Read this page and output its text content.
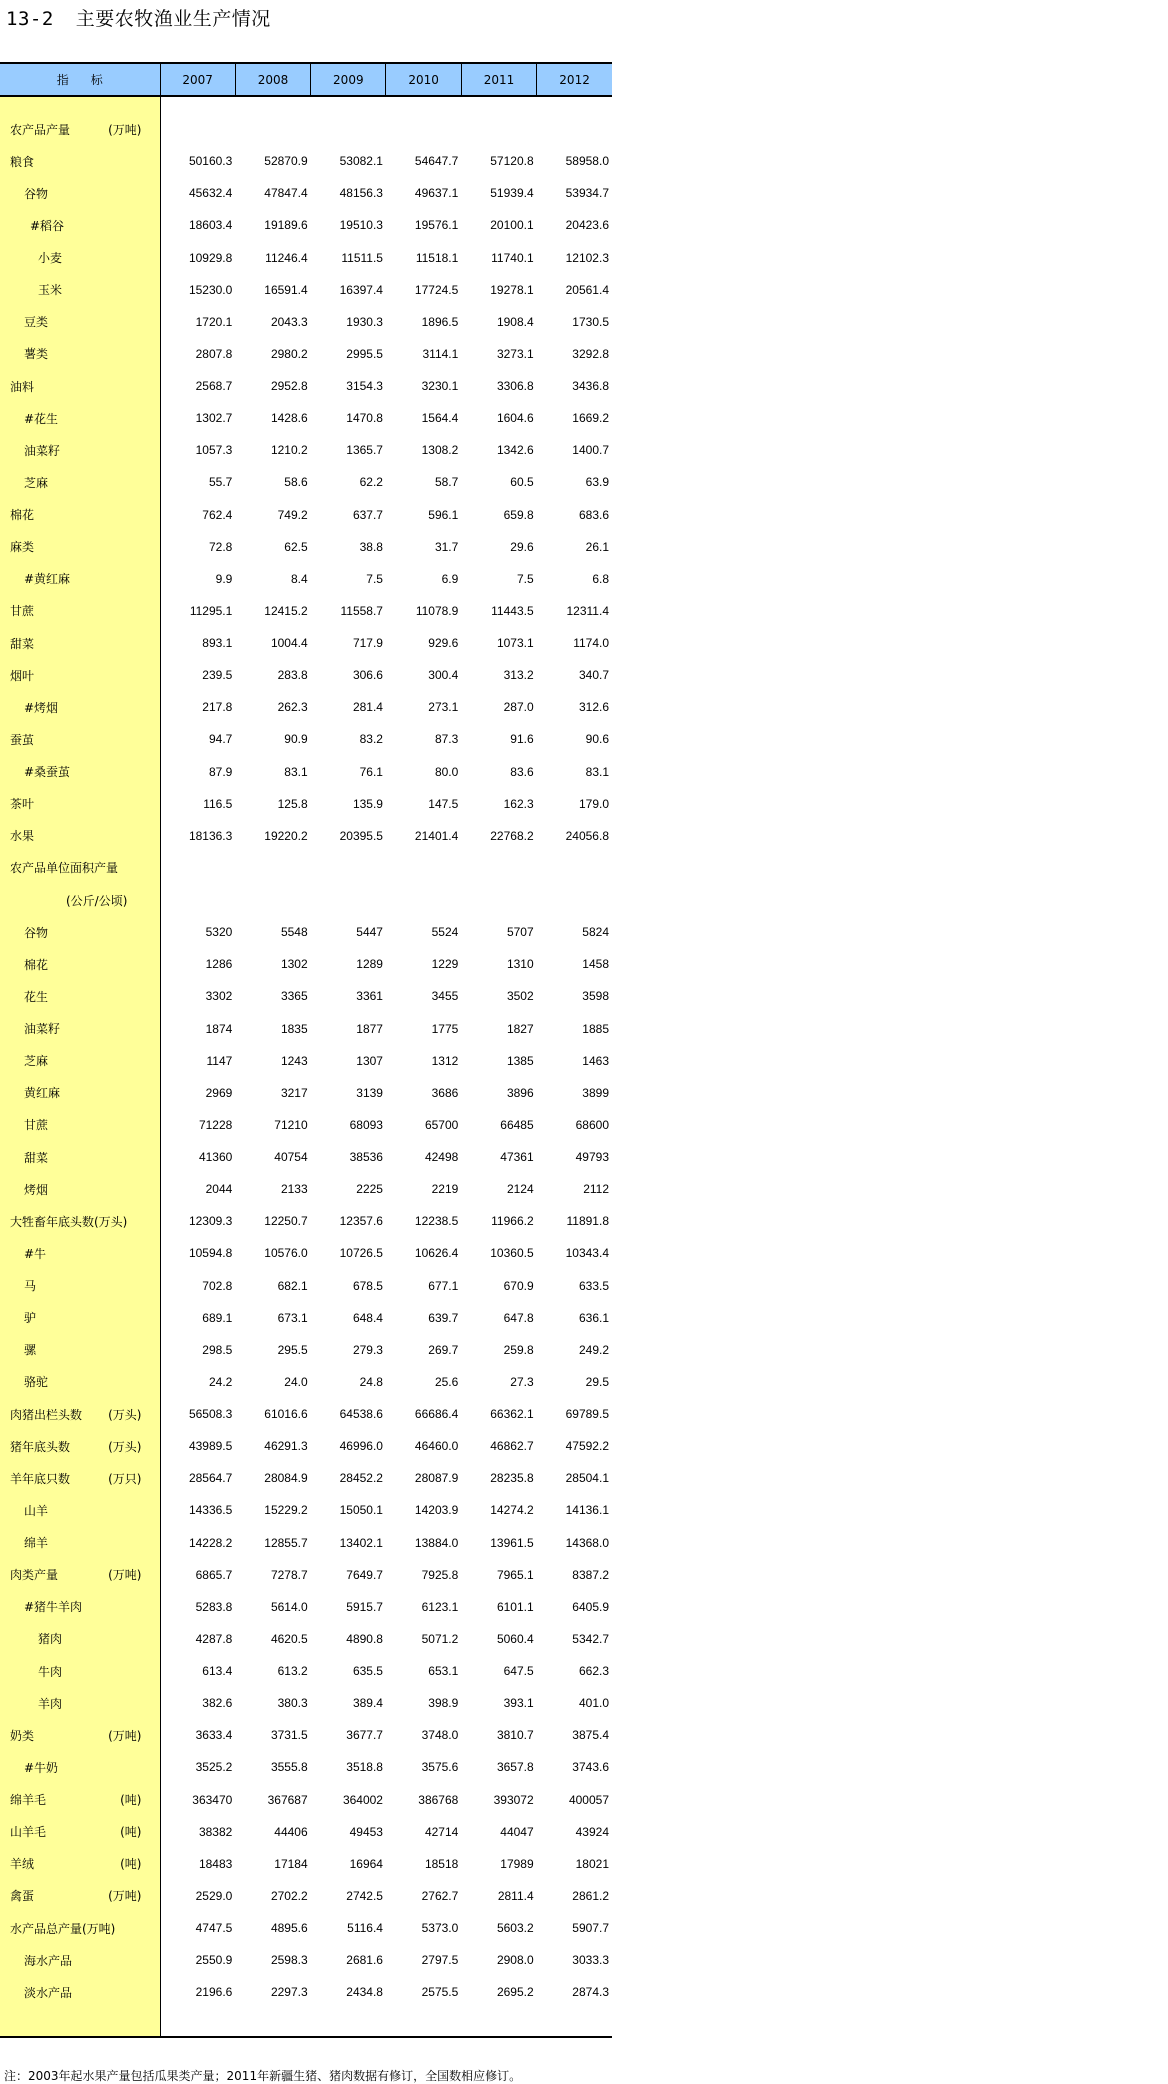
13-2 主要农牧渔业生产情况
指标	2007	2008	2009	2010	2011	2012

农产品产量 (万吨)						

粮食	50160.3	52870.9	53082.1	54647.7	57120.8	58958.0
谷物	45632.4	47847.4	48156.3	49637.1	51939.4	53934.7
#稻谷	18603.4	19189.6	19510.3	19576.1	20100.1	20423.6
小麦	10929.8	11246.4	11511.5	11518.1	11740.1	12102.3
玉米	15230.0	16591.4	16397.4	17724.5	19278.1	20561.4
豆类	1720.1	2043.3	1930.3	1896.5	1908.4	1730.5
薯类	2807.8	2980.2	2995.5	3114.1	3273.1	3292.8
油料	2568.7	2952.8	3154.3	3230.1	3306.8	3436.8
#花生	1302.7	1428.6	1470.8	1564.4	1604.6	1669.2
油菜籽	1057.3	1210.2	1365.7	1308.2	1342.6	1400.7
芝麻	55.7	58.6	62.2	58.7	60.5	63.9
棉花	762.4	749.2	637.7	596.1	659.8	683.6
麻类	72.8	62.5	38.8	31.7	29.6	26.1
#黄红麻	9.9	8.4	7.5	6.9	7.5	6.8
甘蔗	11295.1	12415.2	11558.7	11078.9	11443.5	12311.4
甜菜	893.1	1004.4	717.9	929.6	1073.1	1174.0
烟叶	239.5	283.8	306.6	300.4	313.2	340.7
#烤烟	217.8	262.3	281.4	273.1	287.0	312.6
蚕茧	94.7	90.9	83.2	87.3	91.6	90.6
#桑蚕茧	87.9	83.1	76.1	80.0	83.6	83.1
茶叶	116.5	125.8	135.9	147.5	162.3	179.0
水果	18136.3	19220.2	20395.5	21401.4	22768.2	24056.8
农产品单位面积产量						
(公斤/公顷)						
谷物	5320	5548	5447	5524	5707	5824
棉花	1286	1302	1289	1229	1310	1458
花生	3302	3365	3361	3455	3502	3598
油菜籽	1874	1835	1877	1775	1827	1885
芝麻	1147	1243	1307	1312	1385	1463
黄红麻	2969	3217	3139	3686	3896	3899
甘蔗	71228	71210	68093	65700	66485	68600
甜菜	41360	40754	38536	42498	47361	49793
烤烟	2044	2133	2225	2219	2124	2112
大牲畜年底头数(万头)	12309.3	12250.7	12357.6	12238.5	11966.2	11891.8
#牛	10594.8	10576.0	10726.5	10626.4	10360.5	10343.4
马	702.8	682.1	678.5	677.1	670.9	633.5
驴	689.1	673.1	648.4	639.7	647.8	636.1
骡	298.5	295.5	279.3	269.7	259.8	249.2
骆驼	24.2	24.0	24.8	25.6	27.3	29.5
肉猪出栏头数 (万头)	56508.3	61016.6	64538.6	66686.4	66362.1	69789.5
猪年底头数 (万头)	43989.5	46291.3	46996.0	46460.0	46862.7	47592.2
羊年底只数 (万只)	28564.7	28084.9	28452.2	28087.9	28235.8	28504.1
山羊	14336.5	15229.2	15050.1	14203.9	14274.2	14136.1
绵羊	14228.2	12855.7	13402.1	13884.0	13961.5	14368.0
肉类产量 (万吨)	6865.7	7278.7	7649.7	7925.8	7965.1	8387.2
#猪牛羊肉	5283.8	5614.0	5915.7	6123.1	6101.1	6405.9
猪肉	4287.8	4620.5	4890.8	5071.2	5060.4	5342.7
牛肉	613.4	613.2	635.5	653.1	647.5	662.3
羊肉	382.6	380.3	389.4	398.9	393.1	401.0
奶类 (万吨)	3633.4	3731.5	3677.7	3748.0	3810.7	3875.4
#牛奶	3525.2	3555.8	3518.8	3575.6	3657.8	3743.6
绵羊毛 (吨)	363470	367687	364002	386768	393072	400057
山羊毛 (吨)	38382	44406	49453	42714	44047	43924
羊绒 (吨)	18483	17184	16964	18518	17989	18021
禽蛋 (万吨)	2529.0	2702.2	2742.5	2762.7	2811.4	2861.2
水产品总产量(万吨)	4747.5	4895.6	5116.4	5373.0	5603.2	5907.7
海水产品	2550.9	2598.3	2681.6	2797.5	2908.0	3033.3
淡水产品	2196.6	2297.3	2434.8	2575.5	2695.2	2874.3

注：2003年起水果产量包括瓜果类产量；2011年新疆生猪、猪肉数据有修订，全国数相应修订。
